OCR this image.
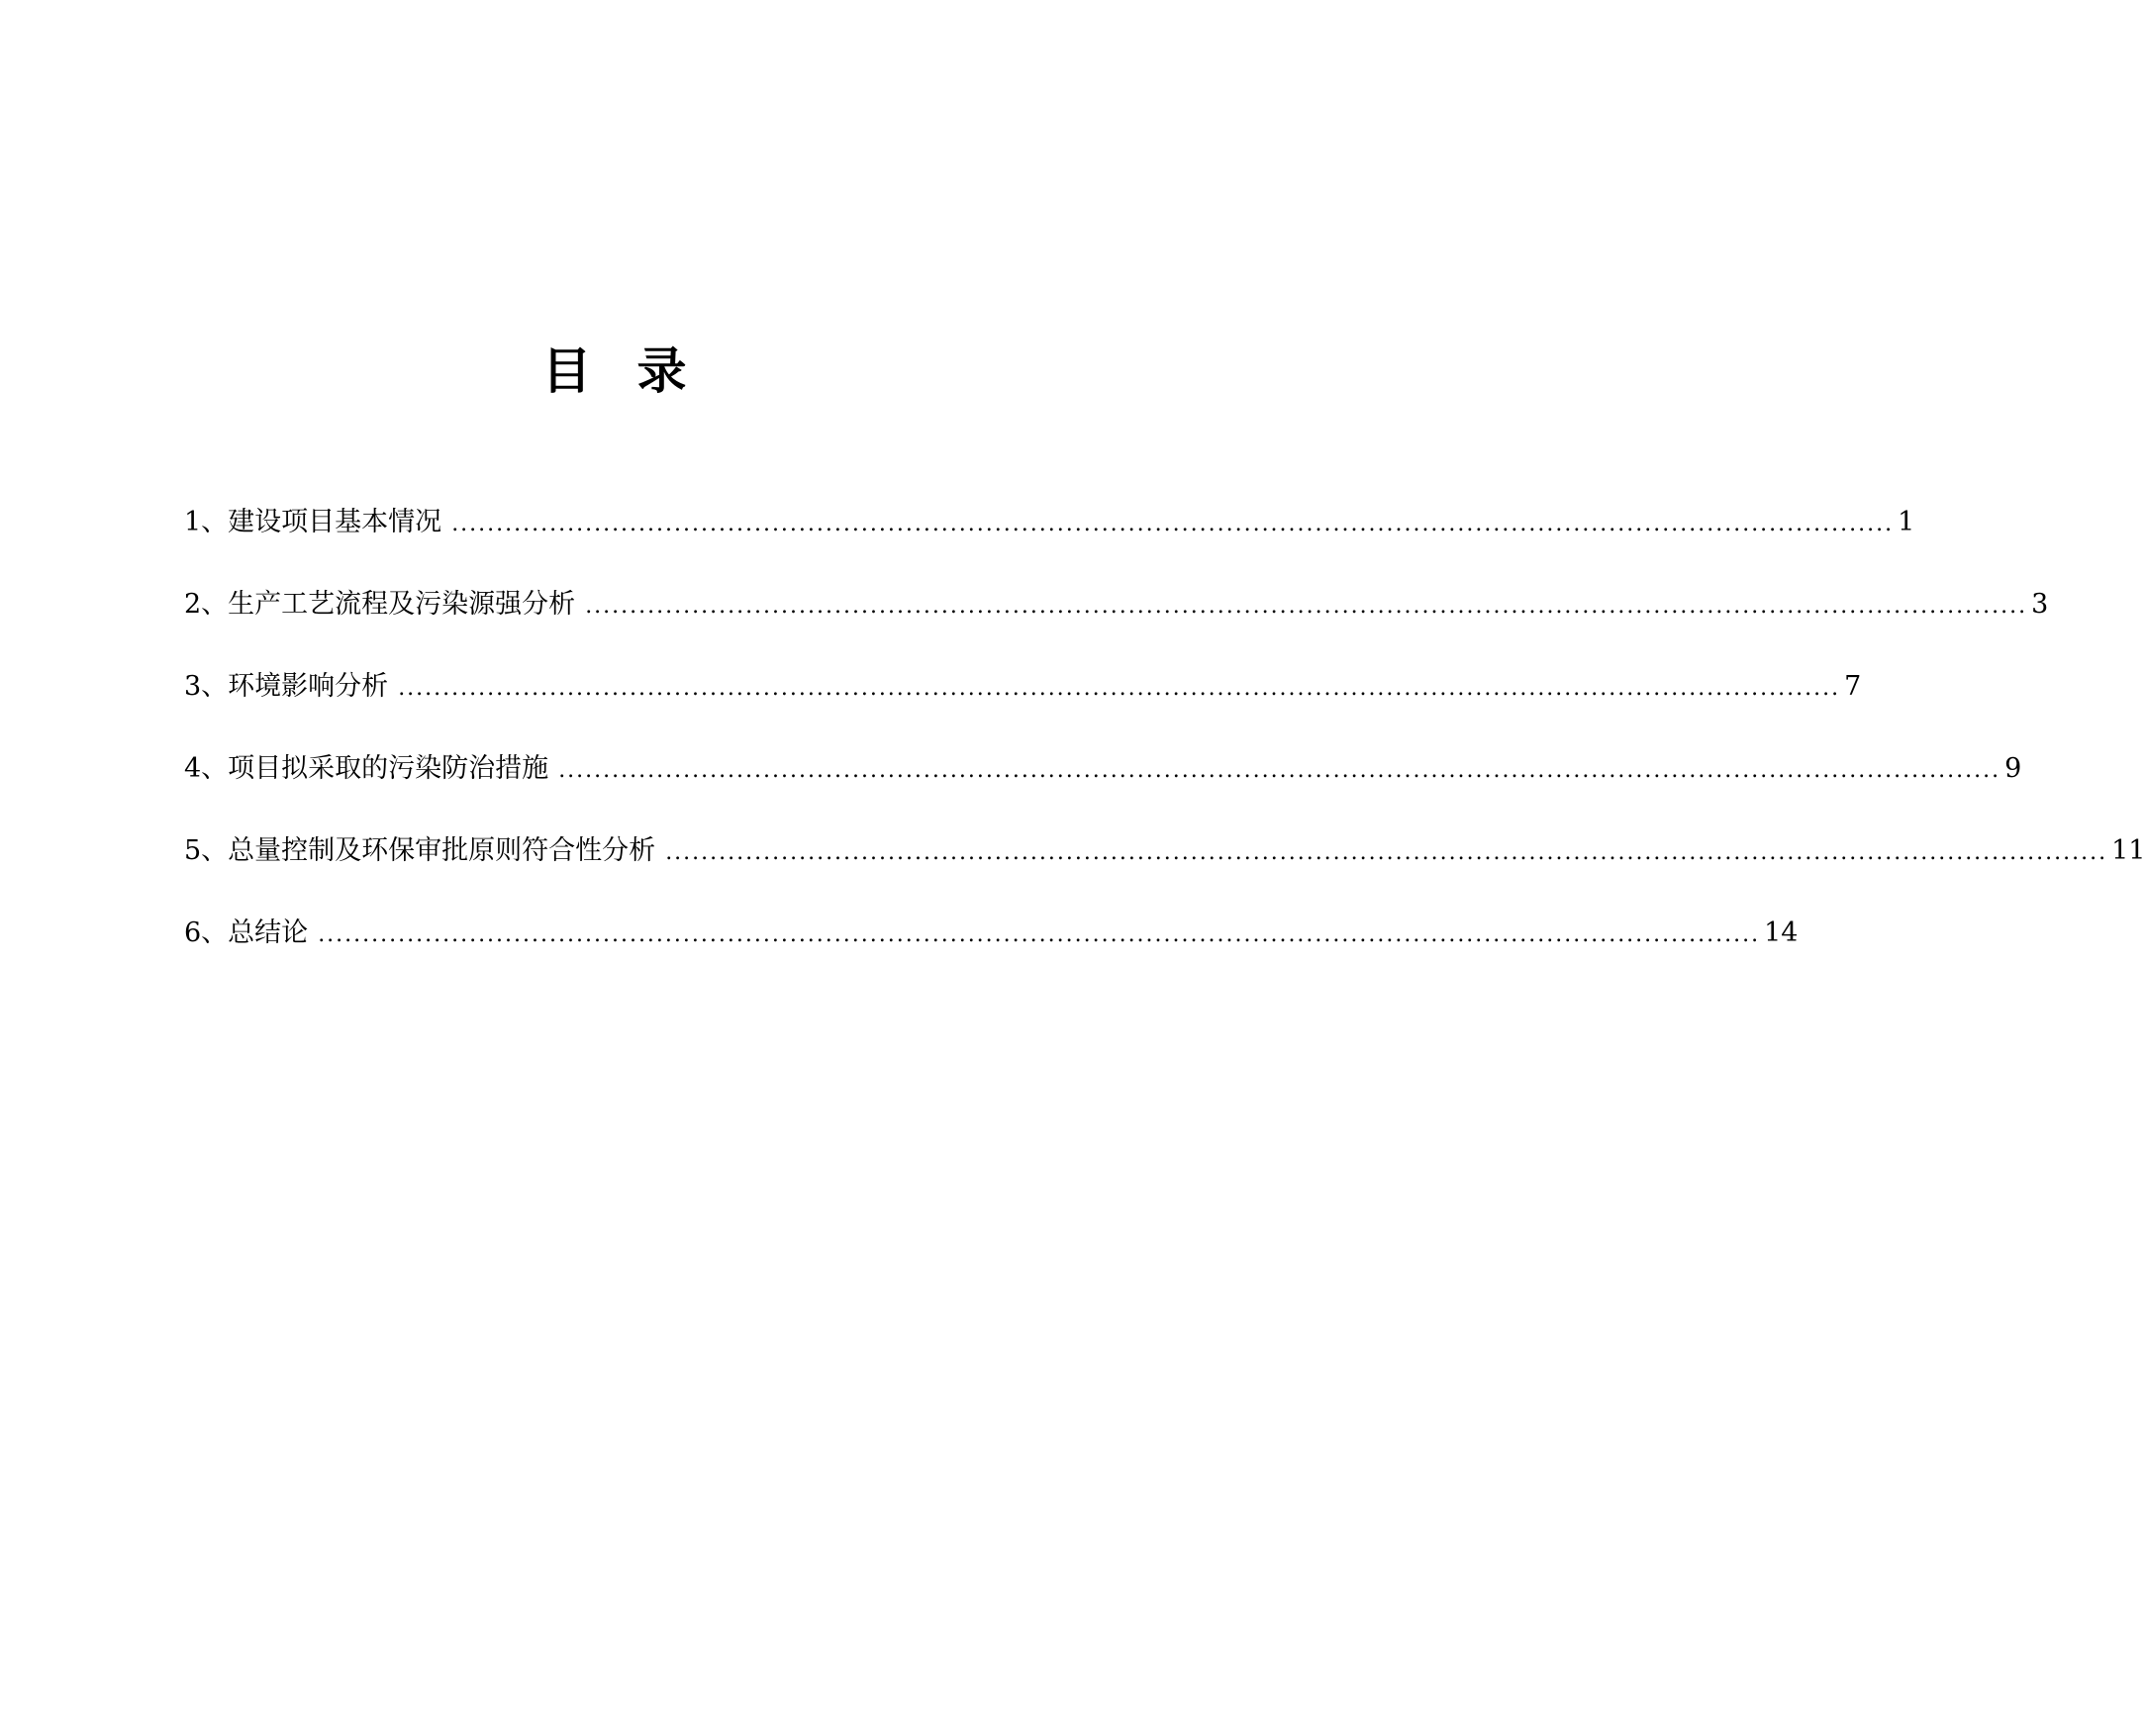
目 录
1、建设项目基本情况 .................................................................................................................................................................. 1
2、生产工艺流程及污染源强分析 .................................................................................................................................................................. 3
3、环境影响分析 .................................................................................................................................................................. 7
4、项目拟采取的污染防治措施 .................................................................................................................................................................. 9
5、总量控制及环保审批原则符合性分析 .................................................................................................................................................................. 11
6、总结论 .................................................................................................................................................................. 14
